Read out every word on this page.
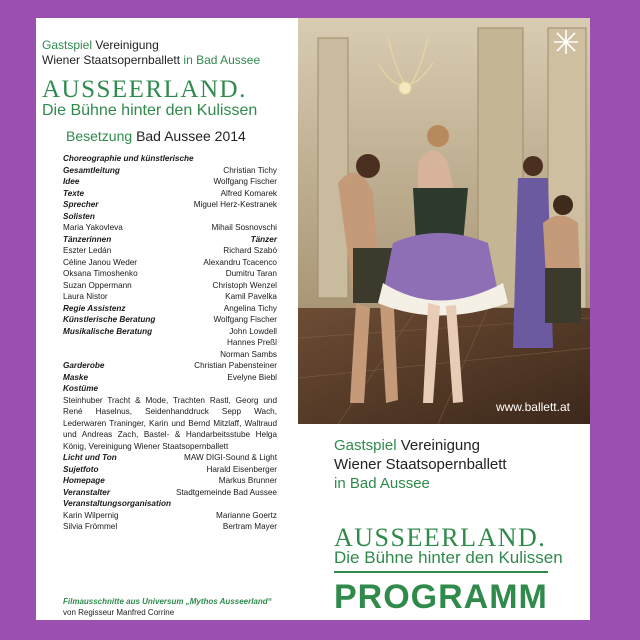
Gastspiel Vereinigung
Wiener Staatsopernballett in Bad Aussee
AUSSEERLAND.
Die Bühne hinter den Kulissen
Besetzung Bad Aussee 2014
Choreographie und künstlerische
Gesamtleitung	Christian Tichy
Idee	Wolfgang Fischer
Texte	Alfred Komarek
Sprecher	Miguel Herz-Kestranek
Solisten
Maria Yakovleva	Mihail Sosnovschi
Tänzerinnen	Tänzer
Eszter Ledán	Richard Szabó
Céline Janou Weder	Alexandru Tcacenco
Oksana Timoshenko	Dumitru Taran
Suzan Oppermann	Christoph Wenzel
Laura Nistor	Kamil Pavelka
Regie Assistenz	Angelina Tichy
Künstlerische Beratung	Wolfgang Fischer
Musikalische Beratung	John Lowdell
Hannes Preßl
Norman Sambs
Garderobe	Christian Pabensteiner
Maske	Evelyne Biebl
Kostüme
Steinhuber Tracht & Mode, Trachten Rastl, Georg und René Haselnus, Seidenhanddruck Sepp Wach, Lederwaren Traninger, Karin und Bernd Mitzlaff, Waltraud und Andreas Zach, Bastel- & Handarbeitsstube Helga König, Vereinigung Wiener Staatsopernballett
Licht und Ton	MAW DIGI-Sound & Light
Sujetfoto	Harald Eisenberger
Homepage	Markus Brunner
Veranstalter	Stadtgemeinde Bad Aussee
Veranstaltungsorganisation
Karin Wilpernig	Marianne Goertz
Silvia Frömmel	Bertram Mayer
Filmausschnitte aus Universum „Mythos Ausseerland“ von Regisseur Manfred Corrine
www.ballett.at
Gastspiel Vereinigung
Wiener Staatsopernballett
in Bad Aussee
AUSSEERLAND.
Die Bühne hinter den Kulissen
PROGRAMM
